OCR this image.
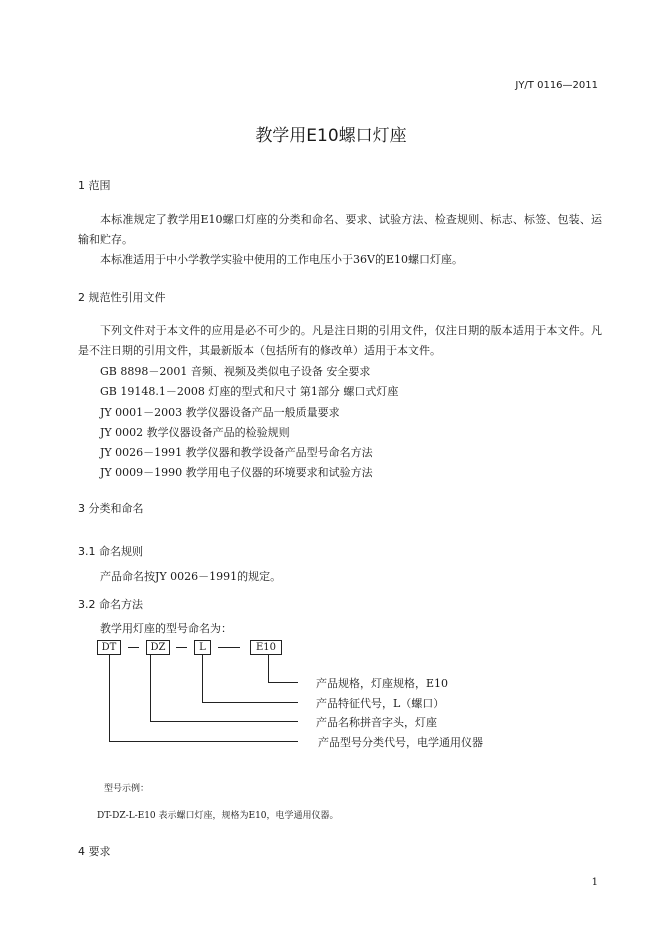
JY/T 0116—2011
教学用E10螺口灯座
1 范围
本标准规定了教学用E10螺口灯座的分类和命名、要求、试验方法、检查规则、标志、标签、包装、运输和贮存。
本标准适用于中小学教学实验中使用的工作电压小于36V的E10螺口灯座。
2 规范性引用文件
下列文件对于本文件的应用是必不可少的。凡是注日期的引用文件，仅注日期的版本适用于本文件。凡是不注日期的引用文件，其最新版本（包括所有的修改单）适用于本文件。
GB 8898－2001 音频、视频及类似电子设备 安全要求
GB 19148.1－2008 灯座的型式和尺寸 第1部分 螺口式灯座
JY 0001－2003 教学仪器设备产品一般质量要求
JY 0002 教学仪器设备产品的检验规则
JY 0026－1991 教学仪器和教学设备产品型号命名方法
JY 0009－1990 教学用电子仪器的环境要求和试验方法
3 分类和命名
3.1 命名规则
产品命名按JY 0026－1991的规定。
3.2 命名方法
教学用灯座的型号命名为：
DT	DZ	L	E10
产品规格，灯座规格，E10
产品特征代号，L（螺口）
产品名称拼音字头，灯座
产品型号分类代号，电学通用仪器
型号示例：
DT-DZ-L-E10 表示螺口灯座，规格为E10，电学通用仪器。
4 要求
1
